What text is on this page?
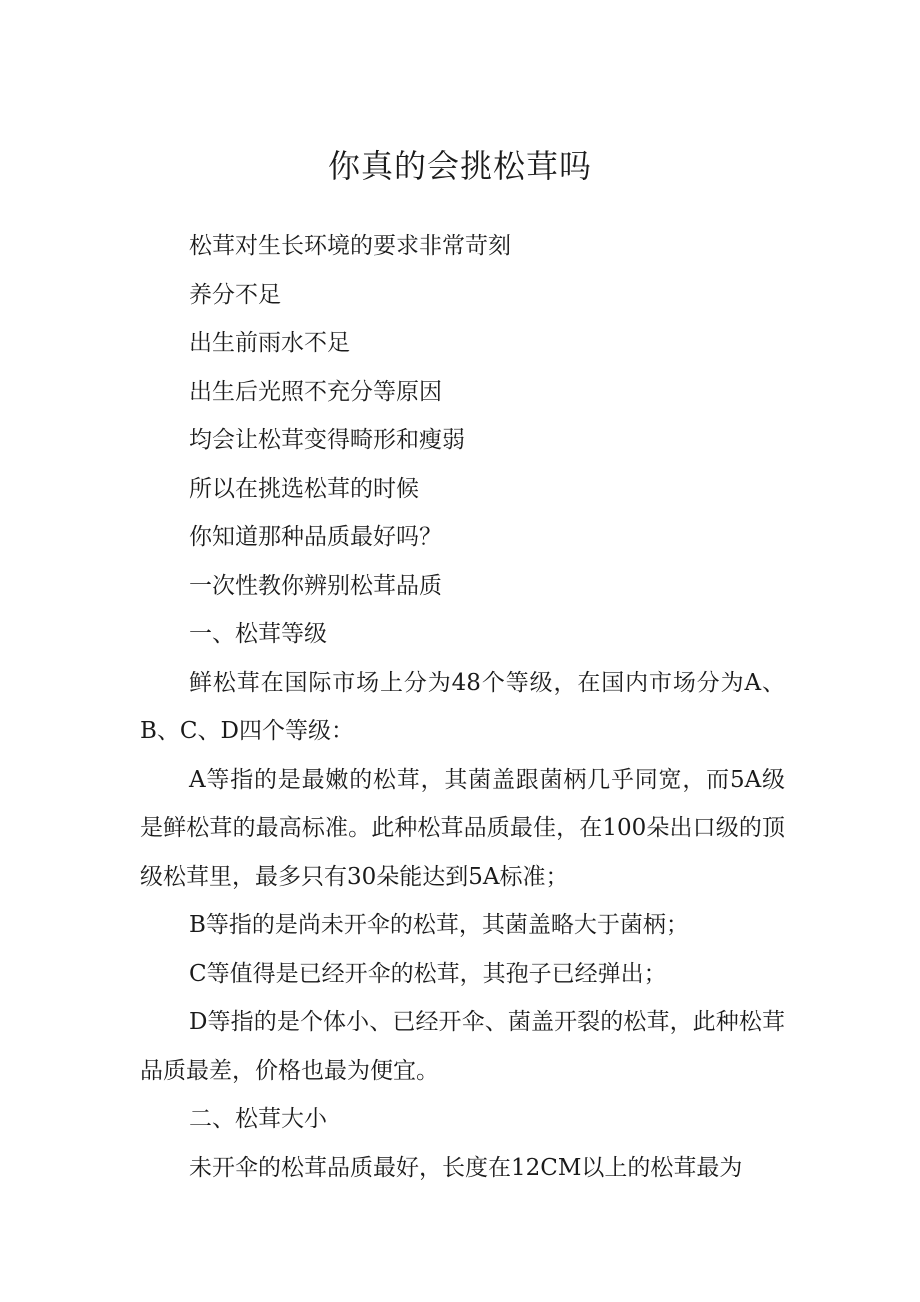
你真的会挑松茸吗

松茸对生长环境的要求非常苛刻

养分不足

出生前雨水不足

出生后光照不充分等原因

均会让松茸变得畸形和瘦弱

所以在挑选松茸的时候

你知道那种品质最好吗？

一次性教你辨别松茸品质

一、松茸等级

鲜松茸在国际市场上分为48个等级，在国内市场分为A、B、C、D四个等级：

A等指的是最嫩的松茸，其菌盖跟菌柄几乎同宽，而5A级是鲜松茸的最高标准。此种松茸品质最佳，在100朵出口级的顶级松茸里，最多只有30朵能达到5A标准；

B等指的是尚未开伞的松茸，其菌盖略大于菌柄；

C等值得是已经开伞的松茸，其孢子已经弹出；

D等指的是个体小、已经开伞、菌盖开裂的松茸，此种松茸品质最差，价格也最为便宜。

二、松茸大小

未开伞的松茸品质最好，长度在12CM以上的松茸最为
